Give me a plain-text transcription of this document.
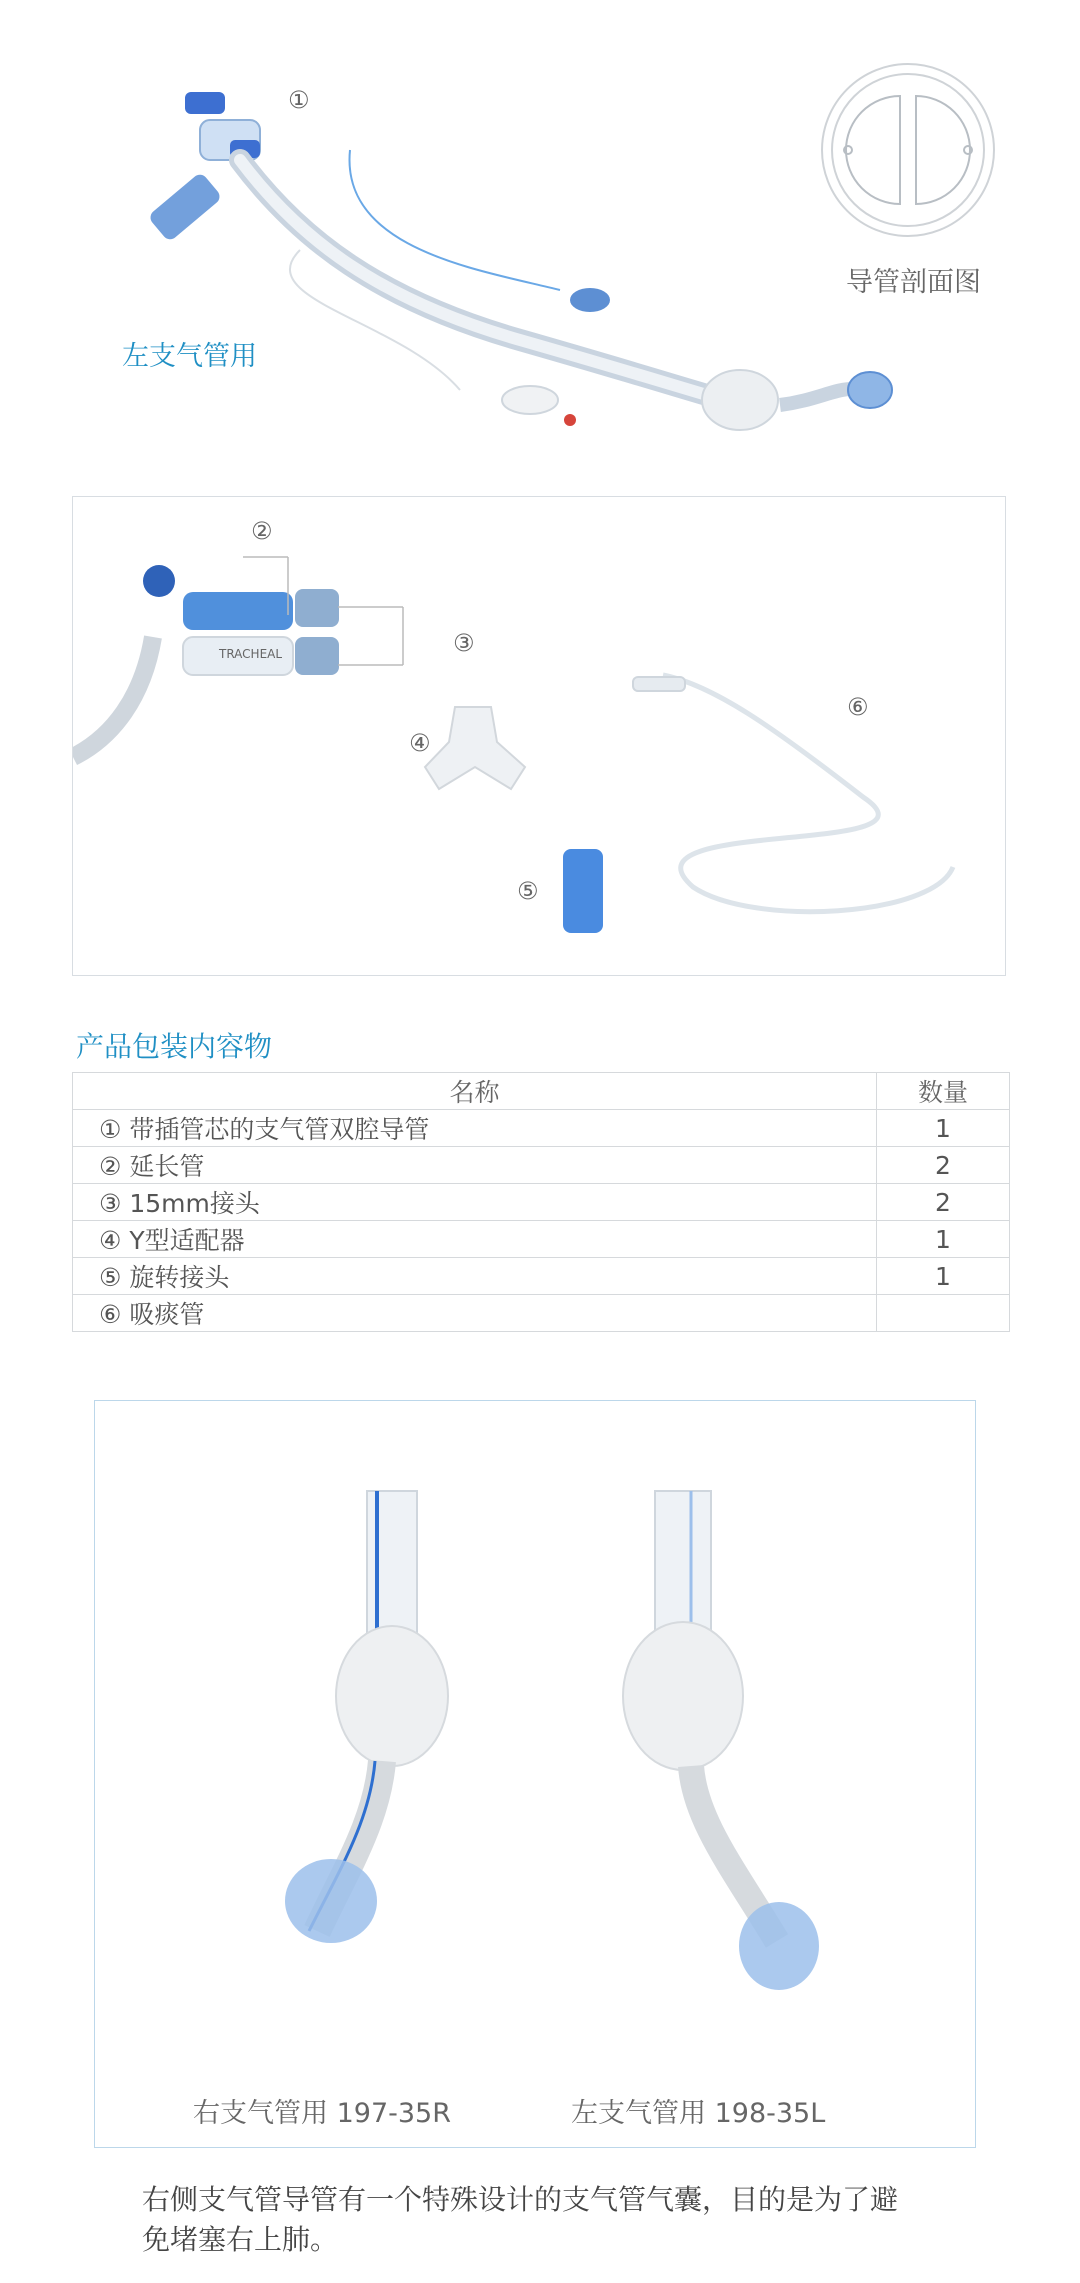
①
左支气管用
导管剖面图
②
③
④
⑤
⑥
TRACHEAL
产品包装内容物
名称	数量
① 带插管芯的支气管双腔导管	1
② 延长管	2
③ 15mm接头	2
④ Y型适配器	1
⑤ 旋转接头	1
⑥ 吸痰管	
右支气管用 197-35R	左支气管用 198-35L
右侧支气管导管有一个特殊设计的支气管气囊，目的是为了避免堵塞右上肺。
